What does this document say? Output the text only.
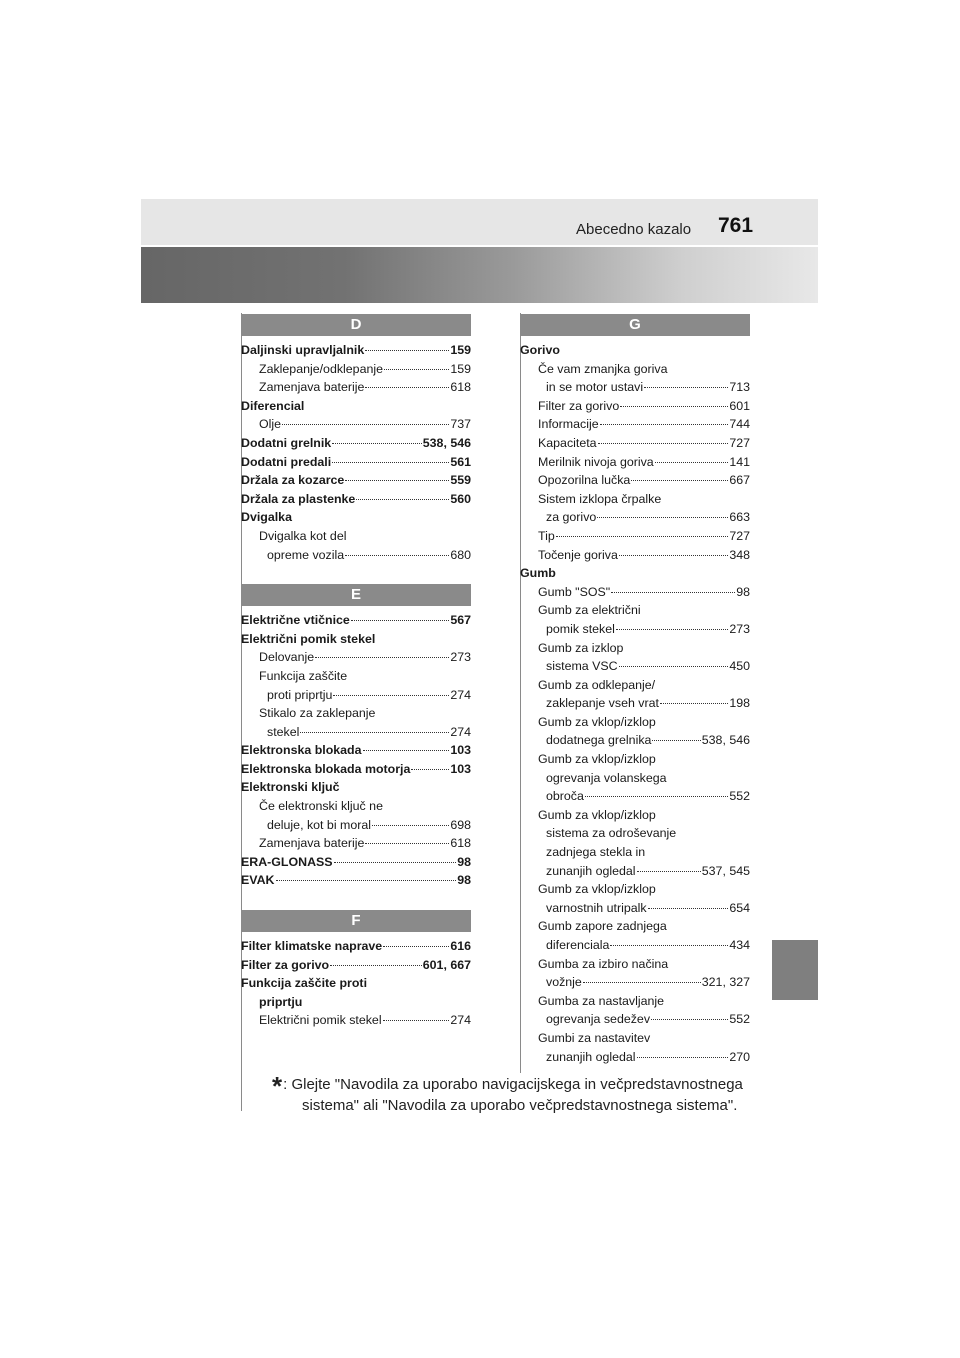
Abecedno kazalo 761
D
Daljinski upravljalnik	159
Zaklepanje/odklepanje	159
Zamenjava baterije	618
Diferencial
Olje	737
Dodatni grelnik	538, 546
Dodatni predali	561
Držala za kozarce	559
Držala za plastenke	560
Dvigalka
Dvigalka kot del
opreme vozila	680
E
Električne vtičnice	567
Električni pomik stekel
Delovanje	273
Funkcija zaščite
proti priprtju	274
Stikalo za zaklepanje
stekel	274
Elektronska blokada	103
Elektronska blokada motorja	103
Elektronski ključ
Če elektronski ključ ne
deluje, kot bi moral	698
Zamenjava baterije	618
ERA-GLONASS	98
EVAK	98
F
Filter klimatske naprave	616
Filter za gorivo	601, 667
Funkcija zaščite proti
priprtju
Električni pomik stekel	274
G
Gorivo
Če vam zmanjka goriva
in se motor ustavi	713
Filter za gorivo	601
Informacije	744
Kapaciteta	727
Merilnik nivoja goriva	141
Opozorilna lučka	667
Sistem izklopa črpalke
za gorivo	663
Tip	727
Točenje goriva	348
Gumb
Gumb "SOS"	98
Gumb za električni
pomik stekel	273
Gumb za izklop
sistema VSC	450
Gumb za odklepanje/
zaklepanje vseh vrat	198
Gumb za vklop/izklop
dodatnega grelnika	538, 546
Gumb za vklop/izklop
ogrevanja volanskega
obroča	552
Gumb za vklop/izklop
sistema za odroševanje
zadnjega stekla in
zunanjih ogledal	537, 545
Gumb za vklop/izklop
varnostnih utripalk	654
Gumb zapore zadnjega
diferenciala	434
Gumba za izbiro načina
vožnje	321, 327
Gumba za nastavljanje
ogrevanja sedežev	552
Gumbi za nastavitev
zunanjih ogledal	270
*: Glejte "Navodila za uporabo navigacijskega in večpredstavnostnega
sistema" ali "Navodila za uporabo večpredstavnostnega sistema".
